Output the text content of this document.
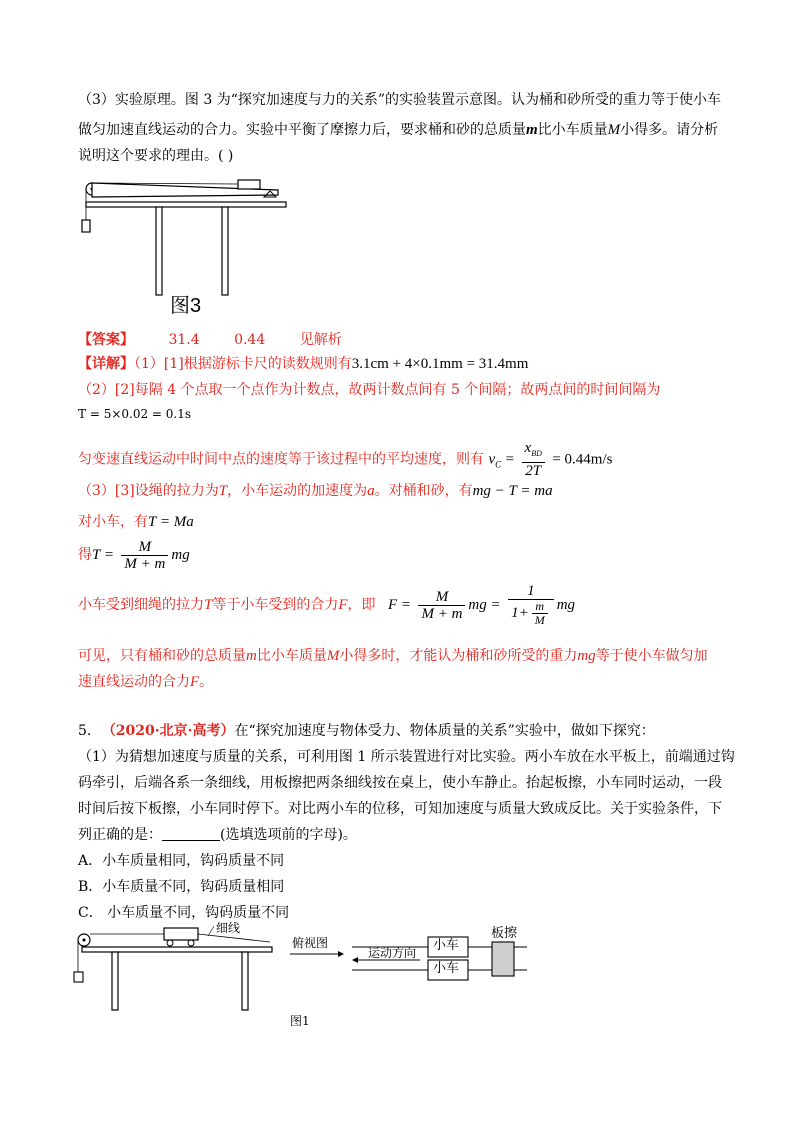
（3）实验原理。图 3 为“探究加速度与力的关系”的实验装置示意图。认为桶和砂所受的重力等于使小车
做匀加速直线运动的合力。实验中平衡了摩擦力后，要求桶和砂的总质量m比小车质量M小得多。请分析
说明这个要求的理由。( )
图3
【答案】 31.4 0.44 见解析
【详解】（1）[1]根据游标卡尺的读数规则有3.1cm + 4×0.1mm = 31.4mm
（2）[2]每隔 4 个点取一个点作为计数点，故两计数点间有 5 个间隔；故两点间的时间间隔为
T = 5×0.02 = 0.1s
匀变速直线运动中时间中点的速度等于该过程中的平均速度，则有 $v_C = \frac{x_{BD}}{2T} = 0.44m/s$
（3）[3]设绳的拉力为T，小车运动的加速度为a。对桶和砂，有mg − T = ma
对小车，有T = Ma
得$T = \frac{M}{M + m}$ mg
小车受到细绳的拉力T等于小车受到的合力F，即 $F = \frac{M}{M + m}$ mg = $\frac{1}{1+ \frac{m}{M}}$ mg
可见，只有桶和砂的总质量m比小车质量M小得多时，才能认为桶和砂所受的重力mg等于使小车做匀加
速直线运动的合力F。
5. （2020·北京·高考）在“探究加速度与物体受力、物体质量的关系”实验中，做如下探究：
（1）为猜想加速度与质量的关系，可利用图 1 所示装置进行对比实验。两小车放在水平板上，前端通过钩
码牵引，后端各系一条细线，用板擦把两条细线按在桌上，使小车静止。抬起板擦，小车同时运动，一段
时间后按下板擦，小车同时停下。对比两小车的位移，可知加速度与质量大致成反比。关于实验条件，下
列正确的是：	(选填选项前的字母)。
A．小车质量相同，钩码质量不同
B．小车质量不同，钩码质量相同
C． 小车质量不同，钩码质量不同
细线
俯视图
运动方向 小车
小车
板擦
图1
